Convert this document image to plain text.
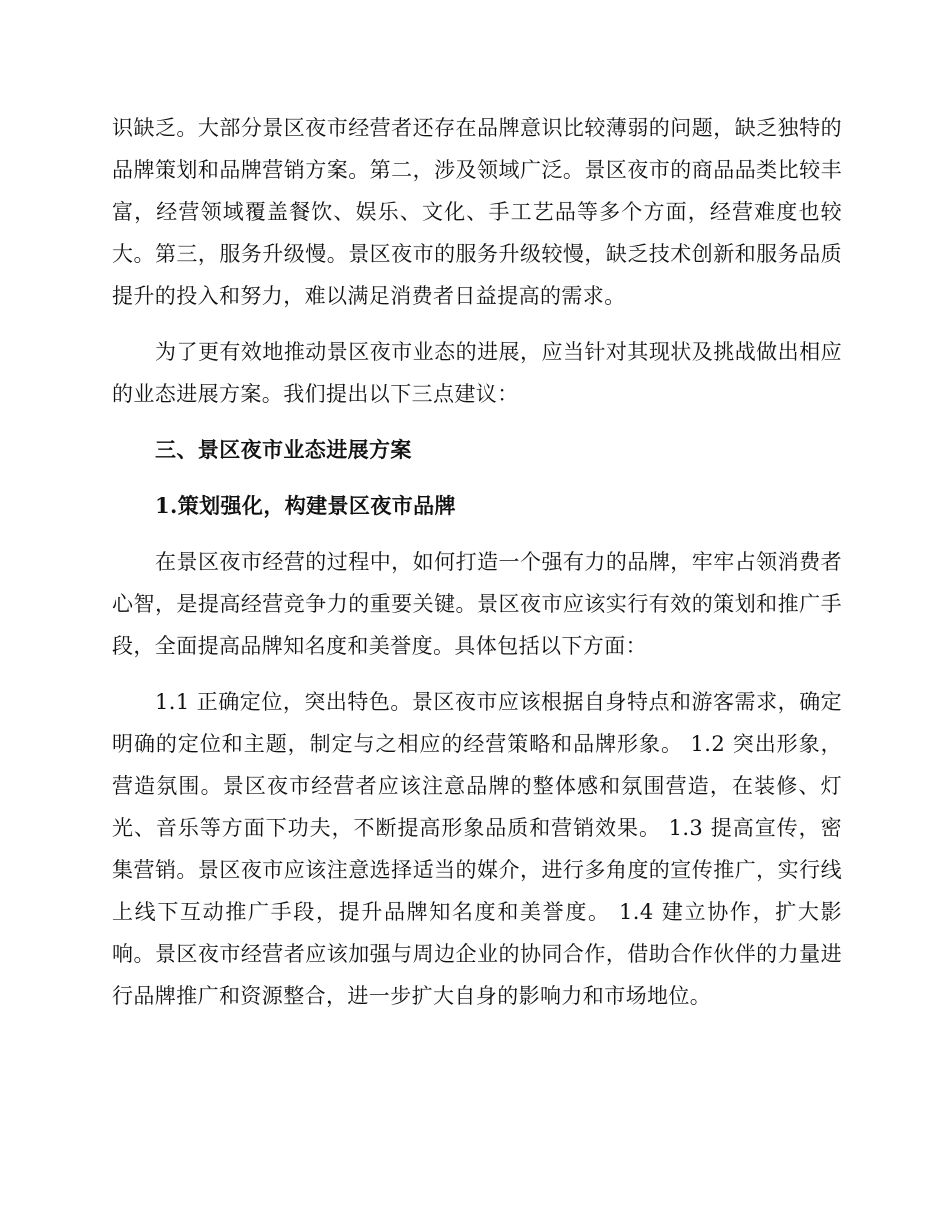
识缺乏。大部分景区夜市经营者还存在品牌意识比较薄弱的问题，缺乏独特的品牌策划和品牌营销方案。第二，涉及领域广泛。景区夜市的商品品类比较丰富，经营领域覆盖餐饮、娱乐、文化、手工艺品等多个方面，经营难度也较大。第三，服务升级慢。景区夜市的服务升级较慢，缺乏技术创新和服务品质提升的投入和努力，难以满足消费者日益提高的需求。

为了更有效地推动景区夜市业态的进展，应当针对其现状及挑战做出相应的业态进展方案。我们提出以下三点建议：

三、景区夜市业态进展方案

1.策划强化，构建景区夜市品牌

在景区夜市经营的过程中，如何打造一个强有力的品牌，牢牢占领消费者心智，是提高经营竞争力的重要关键。景区夜市应该实行有效的策划和推广手段，全面提高品牌知名度和美誉度。具体包括以下方面：

1.1 正确定位，突出特色。景区夜市应该根据自身特点和游客需求，确定明确的定位和主题，制定与之相应的经营策略和品牌形象。 1.2 突出形象，营造氛围。景区夜市经营者应该注意品牌的整体感和氛围营造，在装修、灯光、音乐等方面下功夫，不断提高形象品质和营销效果。 1.3 提高宣传，密集营销。景区夜市应该注意选择适当的媒介，进行多角度的宣传推广，实行线上线下互动推广手段，提升品牌知名度和美誉度。 1.4 建立协作，扩大影响。景区夜市经营者应该加强与周边企业的协同合作，借助合作伙伴的力量进行品牌推广和资源整合，进一步扩大自身的影响力和市场地位。
